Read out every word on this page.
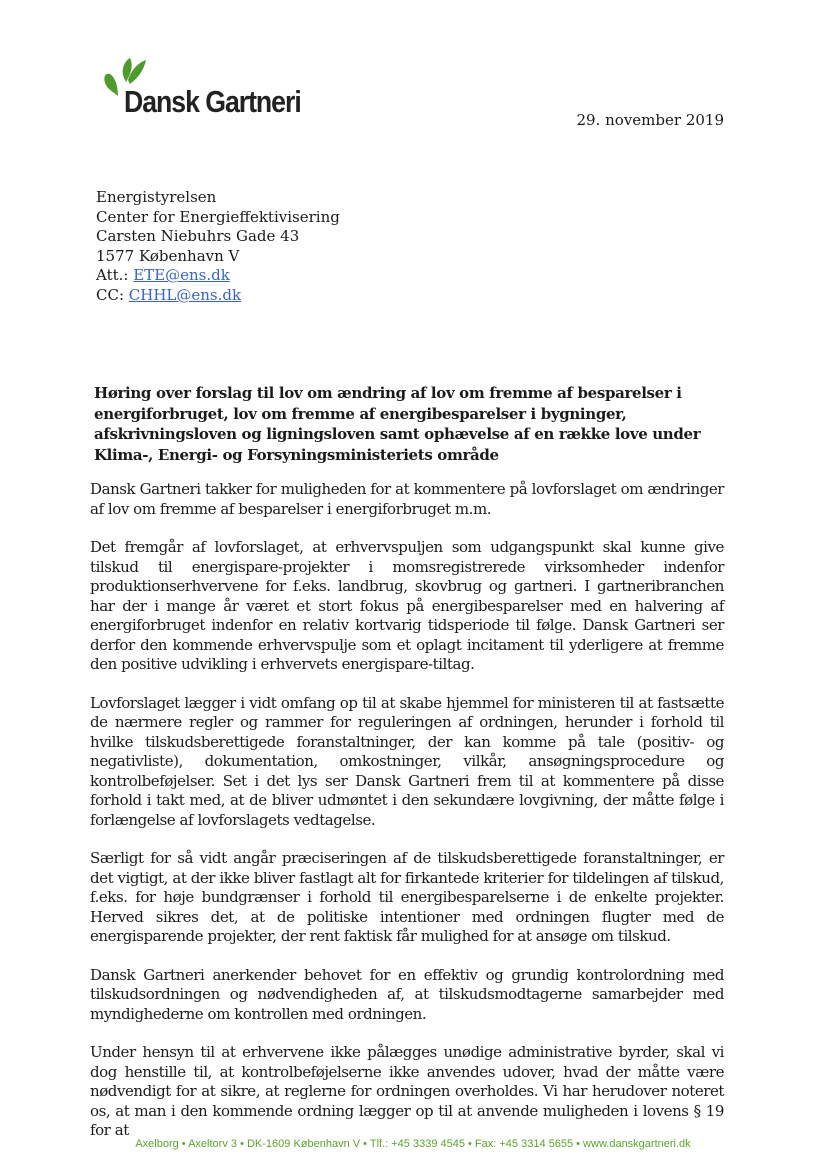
Dansk Gartneri
29. november 2019
Energistyrelsen
Center for Energieffektivisering
Carsten Niebuhrs Gade 43
1577 København V
Att.: ETE@ens.dk
CC: CHHL@ens.dk
Høring over forslag til lov om ændring af lov om fremme af besparelser i energiforbruget, lov om fremme af energibesparelser i bygninger, afskrivningsloven og ligningsloven samt ophævelse af en række love under Klima-, Energi- og Forsyningsministeriets område

Dansk Gartneri takker for muligheden for at kommentere på lovforslaget om ændringer af lov om fremme af besparelser i energiforbruget m.m.

Det fremgår af lovforslaget, at erhvervspuljen som udgangspunkt skal kunne give tilskud til energispare-projekter i momsregistrerede virksomheder indenfor produktionserhvervene for f.eks. landbrug, skovbrug og gartneri. I gartneribranchen har der i mange år været et stort fokus på energibesparelser med en halvering af energiforbruget indenfor en relativ kortvarig tidsperiode til følge. Dansk Gartneri ser derfor den kommende erhvervspulje som et oplagt incitament til yderligere at fremme den positive udvikling i erhvervets energispare-tiltag.

Lovforslaget lægger i vidt omfang op til at skabe hjemmel for ministeren til at fastsætte de nærmere regler og rammer for reguleringen af ordningen, herunder i forhold til hvilke tilskudsberettigede foranstaltninger, der kan komme på tale (positiv- og negativliste), dokumentation, omkostninger, vilkår, ansøgningsprocedure og kontrolbeføjelser. Set i det lys ser Dansk Gartneri frem til at kommentere på disse forhold i takt med, at de bliver udmøntet i den sekundære lovgivning, der måtte følge i forlængelse af lovforslagets vedtagelse.

Særligt for så vidt angår præciseringen af de tilskudsberettigede foranstaltninger, er det vigtigt, at der ikke bliver fastlagt alt for firkantede kriterier for tildelingen af tilskud, f.eks. for høje bundgrænser i forhold til energibesparelserne i de enkelte projekter. Herved sikres det, at de politiske intentioner med ordningen flugter med de energisparende projekter, der rent faktisk får mulighed for at ansøge om tilskud.

Dansk Gartneri anerkender behovet for en effektiv og grundig kontrolordning med tilskudsordningen og nødvendigheden af, at tilskudsmodtagerne samarbejder med myndighederne om kontrollen med ordningen.

Under hensyn til at erhvervene ikke pålægges unødige administrative byrder, skal vi dog henstille til, at kontrolbeføjelserne ikke anvendes udover, hvad der måtte være nødvendigt for at sikre, at reglerne for ordningen overholdes. Vi har herudover noteret os, at man i den kommende ordning lægger op til at anvende muligheden i lovens § 19 for at

Axelborg • Axeltorv 3 • DK-1609 København V • Tlf.: +45 3339 4545 • Fax: +45 3314 5655 • www.danskgartneri.dk
